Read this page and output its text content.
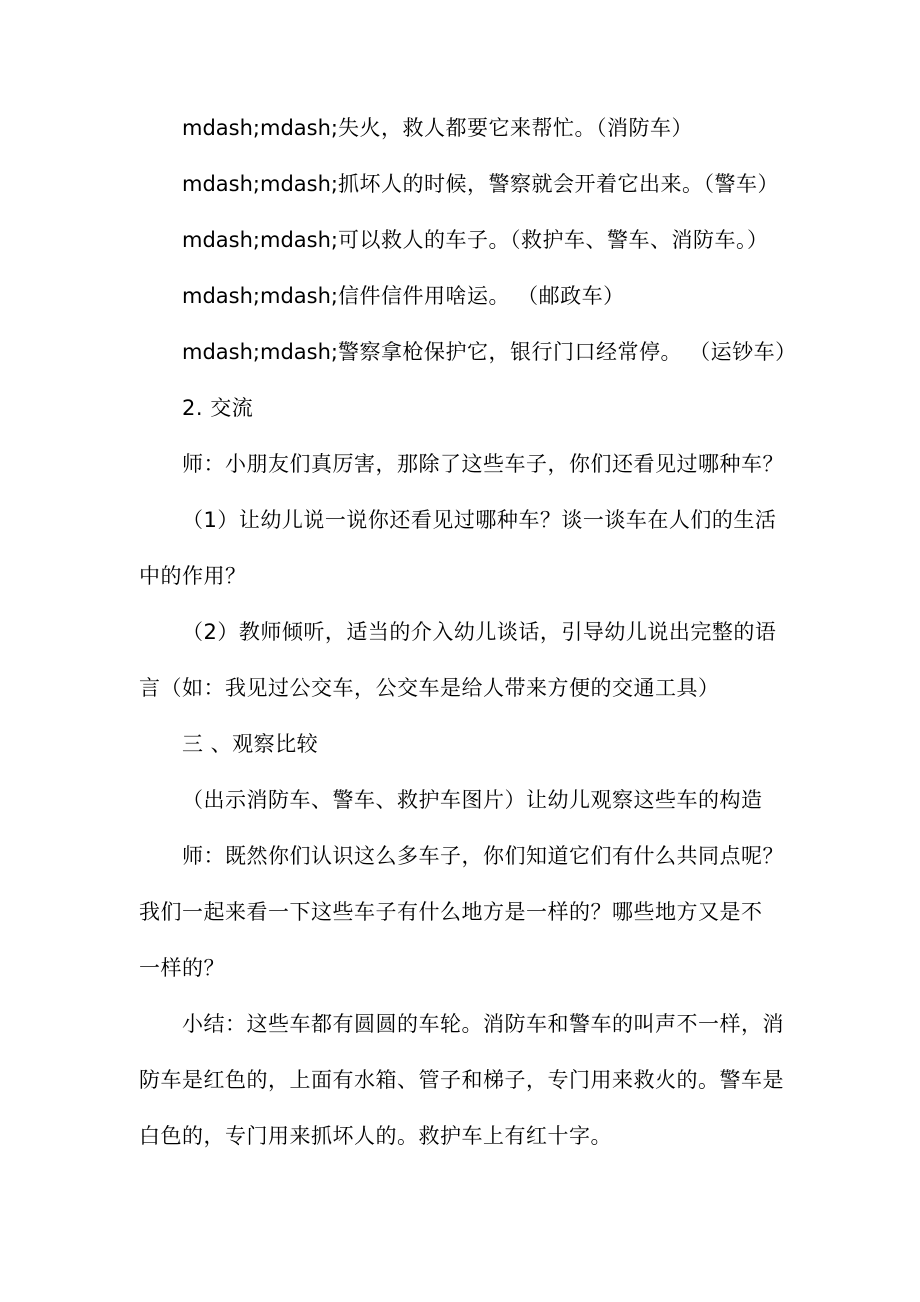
mdash;mdash;失火，救人都要它来帮忙。（消防车）
mdash;mdash;抓坏人的时候，警察就会开着它出来。（警车）
mdash;mdash;可以救人的车子。（救护车、警车、消防车。）
mdash;mdash;信件信件用啥运。 （邮政车）
mdash;mdash;警察拿枪保护它，银行门口经常停。 （运钞车）
2. 交流
师：小朋友们真厉害，那除了这些车子，你们还看见过哪种车？
（1）让幼儿说一说你还看见过哪种车？谈一谈车在人们的生活
中的作用？
（2）教师倾听，适当的介入幼儿谈话，引导幼儿说出完整的语
言（如：我见过公交车，公交车是给人带来方便的交通工具）
三 、观察比较
（出示消防车、警车、救护车图片）让幼儿观察这些车的构造
师：既然你们认识这么多车子，你们知道它们有什么共同点呢？
我们一起来看一下这些车子有什么地方是一样的？哪些地方又是不
一样的？
小结：这些车都有圆圆的车轮。消防车和警车的叫声不一样，消
防车是红色的，上面有水箱、管子和梯子，专门用来救火的。警车是
白色的，专门用来抓坏人的。救护车上有红十字。
